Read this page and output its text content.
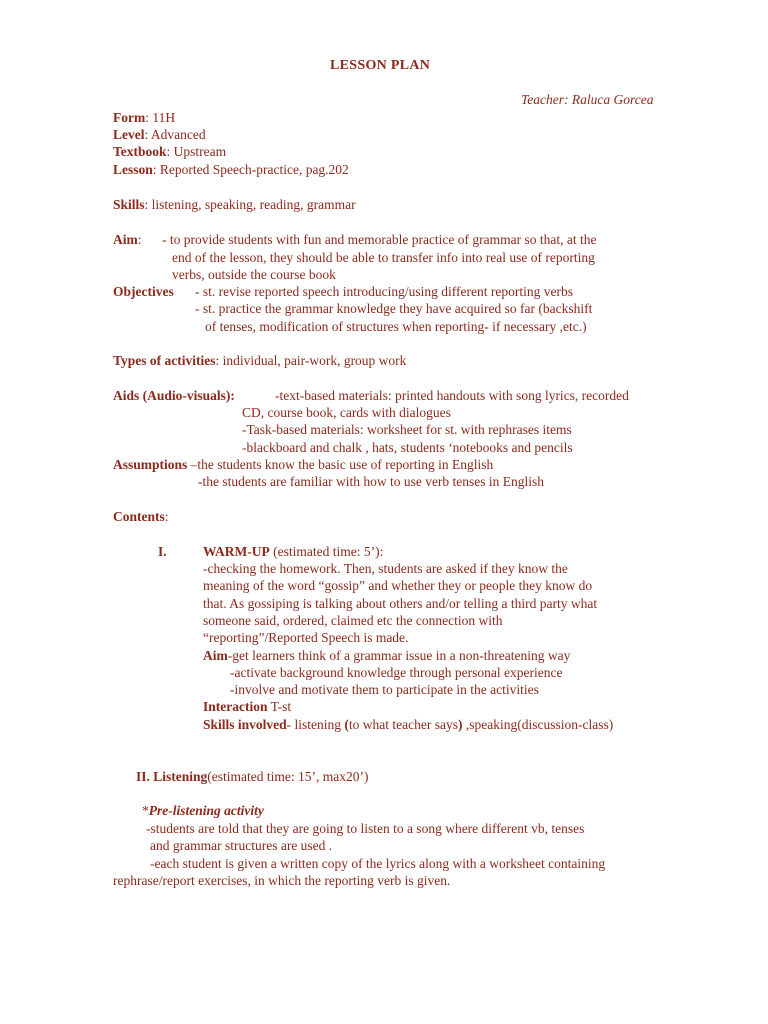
LESSON PLAN
Teacher: Raluca Gorcea
Form: 11H
Level: Advanced
Textbook: Upstream
Lesson: Reported Speech-practice, pag.202
Skills: listening, speaking, reading, grammar
Aim: - to provide students with fun and memorable practice of grammar so that, at the
end of the lesson, they should be able to transfer info into real use of reporting
verbs, outside the course book
Objectives - st. revise reported speech introducing/using different reporting verbs
- st. practice the grammar knowledge they have acquired so far (backshift
of tenses, modification of structures when reporting- if necessary ,etc.)
Types of activities: individual, pair-work, group work
Aids (Audio-visuals):	-text-based materials: printed handouts with song lyrics, recorded
CD, course book, cards with dialogues
-Task-based materials: worksheet for st. with rephrases items
-blackboard and chalk , hats, students ‘notebooks and pencils
Assumptions –the students know the basic use of reporting in English
-the students are familiar with how to use verb tenses in English
Contents:
I.	WARM-UP (estimated time: 5’):
-checking the homework. Then, students are asked if they know the
meaning of the word “gossip” and whether they or people they know do
that. As gossiping is talking about others and/or telling a third party what
someone said, ordered, claimed etc the connection with
“reporting”/Reported Speech is made.
Aim-get learners think of a grammar issue in a non-threatening way
-activate background knowledge through personal experience
-involve and motivate them to participate in the activities
Interaction T-st
Skills involved- listening (to what teacher says) ,speaking(discussion-class)
II. Listening(estimated time: 15’, max20’)
*Pre-listening activity
-students are told that they are going to listen to a song where different vb, tenses
and grammar structures are used .
-each student is given a written copy of the lyrics along with a worksheet containing
rephrase/report exercises, in which the reporting verb is given.
